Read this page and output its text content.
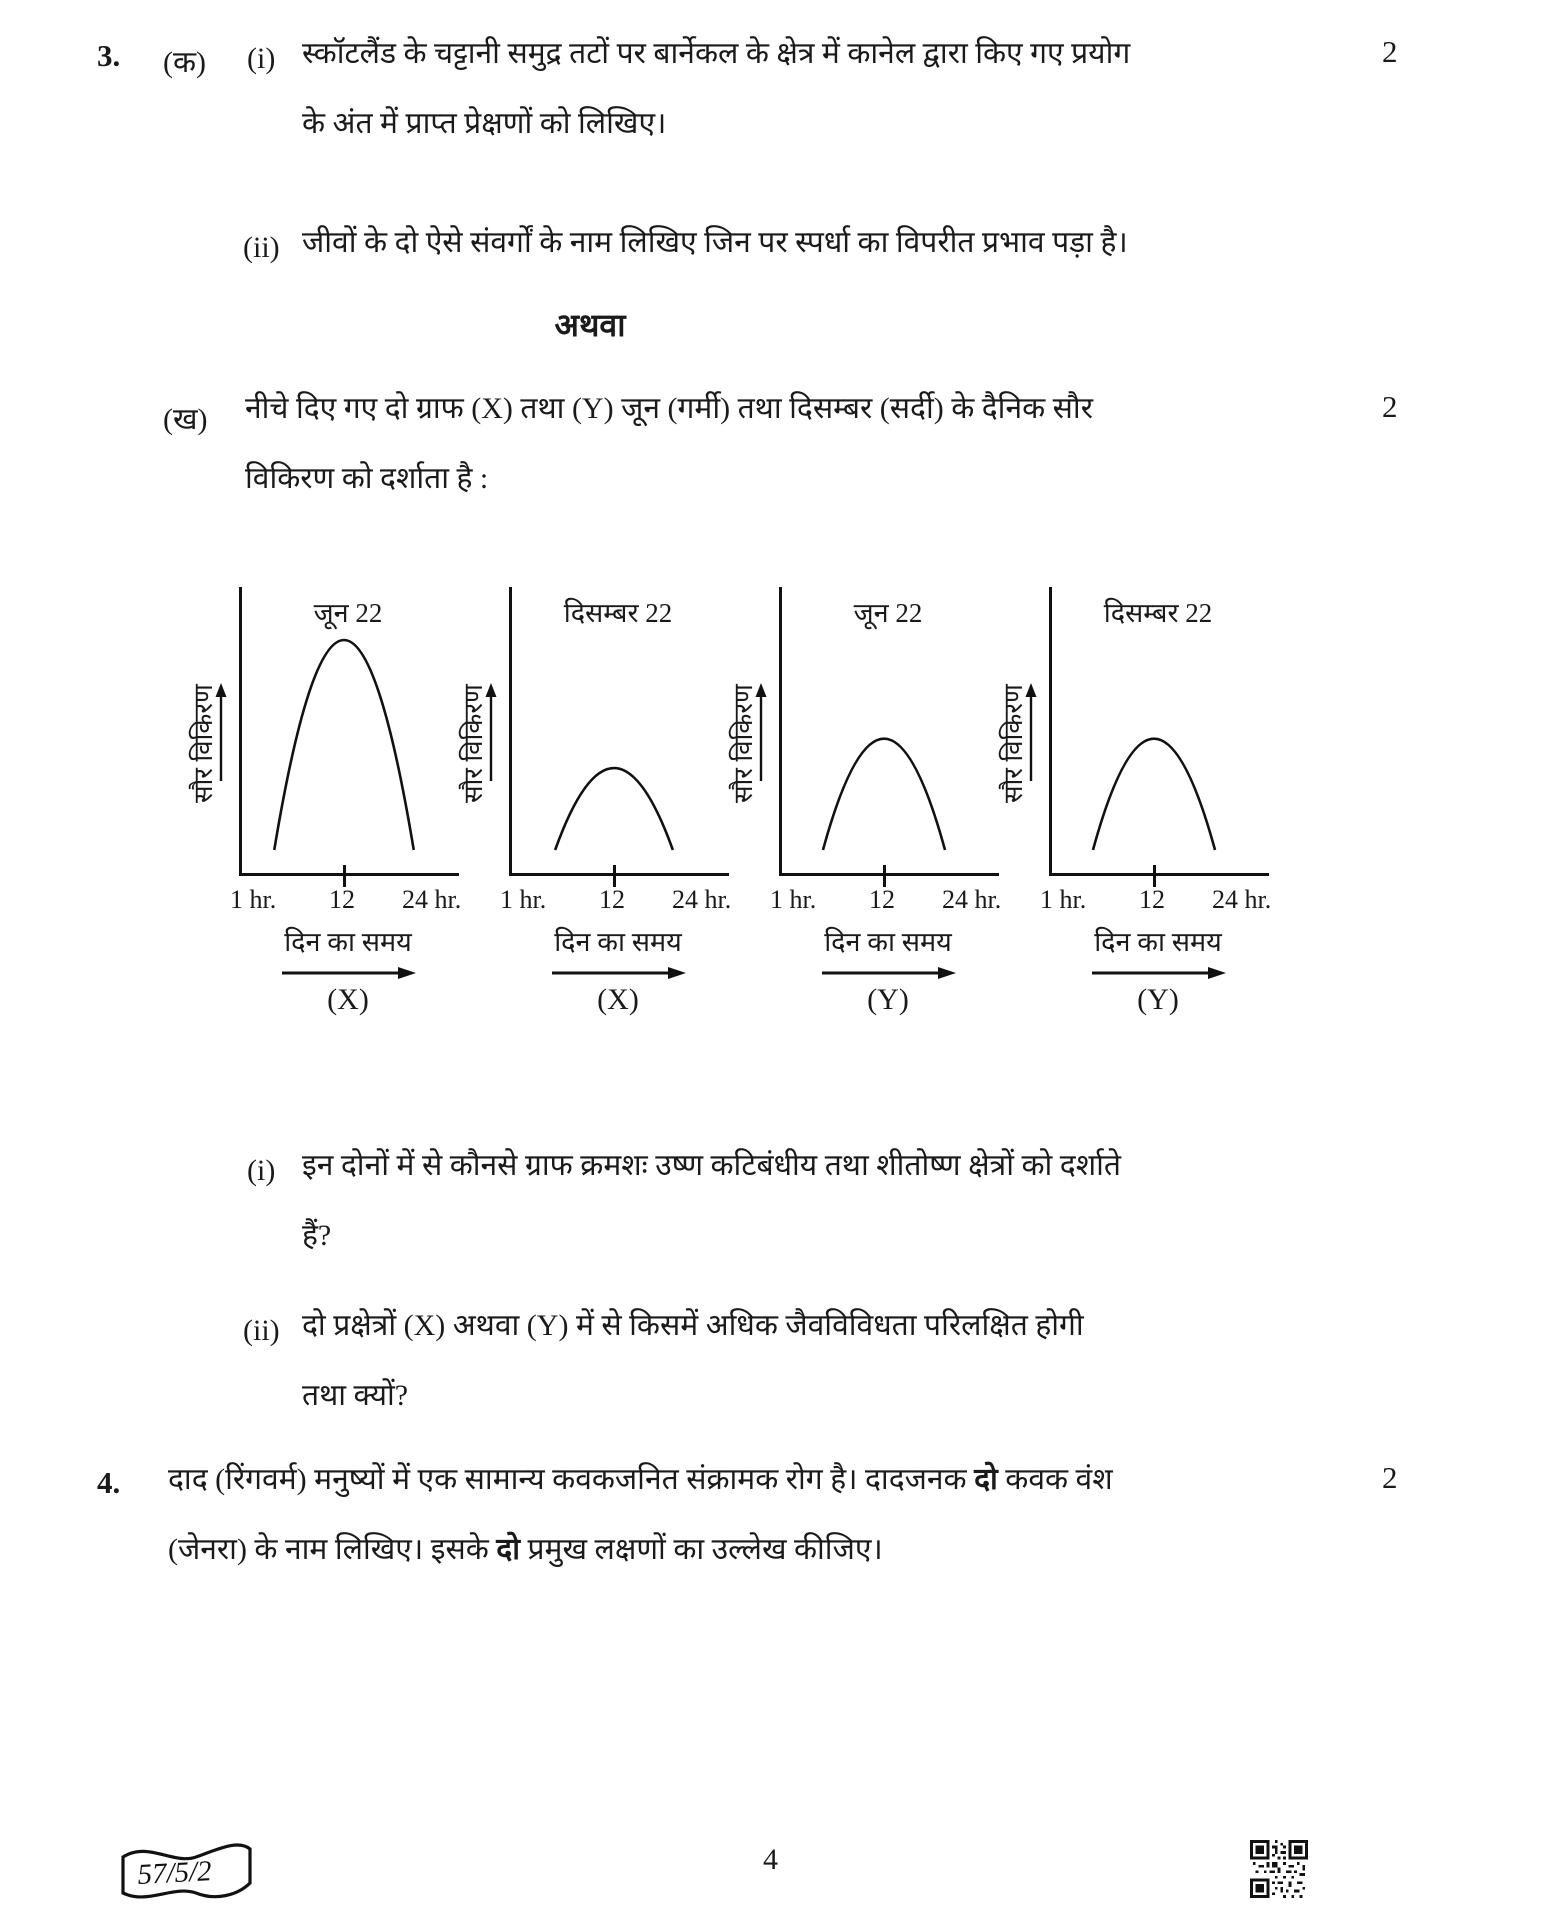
3. (क) (i) स्कॉटलैंड के चट्टानी समुद्र तटों पर बार्नेकल के क्षेत्र में कानेल द्वारा किए गए प्रयोग
के अंत में प्राप्त प्रेक्षणों को लिखिए।
2
(ii) जीवों के दो ऐसे संवर्गों के नाम लिखिए जिन पर स्पर्धा का विपरीत प्रभाव पड़ा है।
अथवा
(ख) नीचे दिए गए दो ग्राफ (X) तथा (Y) जून (गर्मी) तथा दिसम्बर (सर्दी) के दैनिक सौर
विकिरण को दर्शाता है :
2
जून 22
सौर विकिरण
1 hr. 12 24 hr.
दिन का समय
(X)
दिसम्बर 22
सौर विकिरण
1 hr. 12 24 hr.
दिन का समय
(X)
जून 22
सौर विकिरण
1 hr. 12 24 hr.
दिन का समय
(Y)
दिसम्बर 22
सौर विकिरण
1 hr. 12 24 hr.
दिन का समय
(Y)
(i) इन दोनों में से कौनसे ग्राफ क्रमशः उष्ण कटिबंधीय तथा शीतोष्ण क्षेत्रों को दर्शाते
हैं?
(ii) दो प्रक्षेत्रों (X) अथवा (Y) में से किसमें अधिक जैवविविधता परिलक्षित होगी
तथा क्यों?
4. दाद (रिंगवर्म) मनुष्यों में एक सामान्य कवकजनित संक्रामक रोग है। दादजनक दो कवक वंश
(जेनरा) के नाम लिखिए। इसके दो प्रमुख लक्षणों का उल्लेख कीजिए।
2
57/5/2	4
